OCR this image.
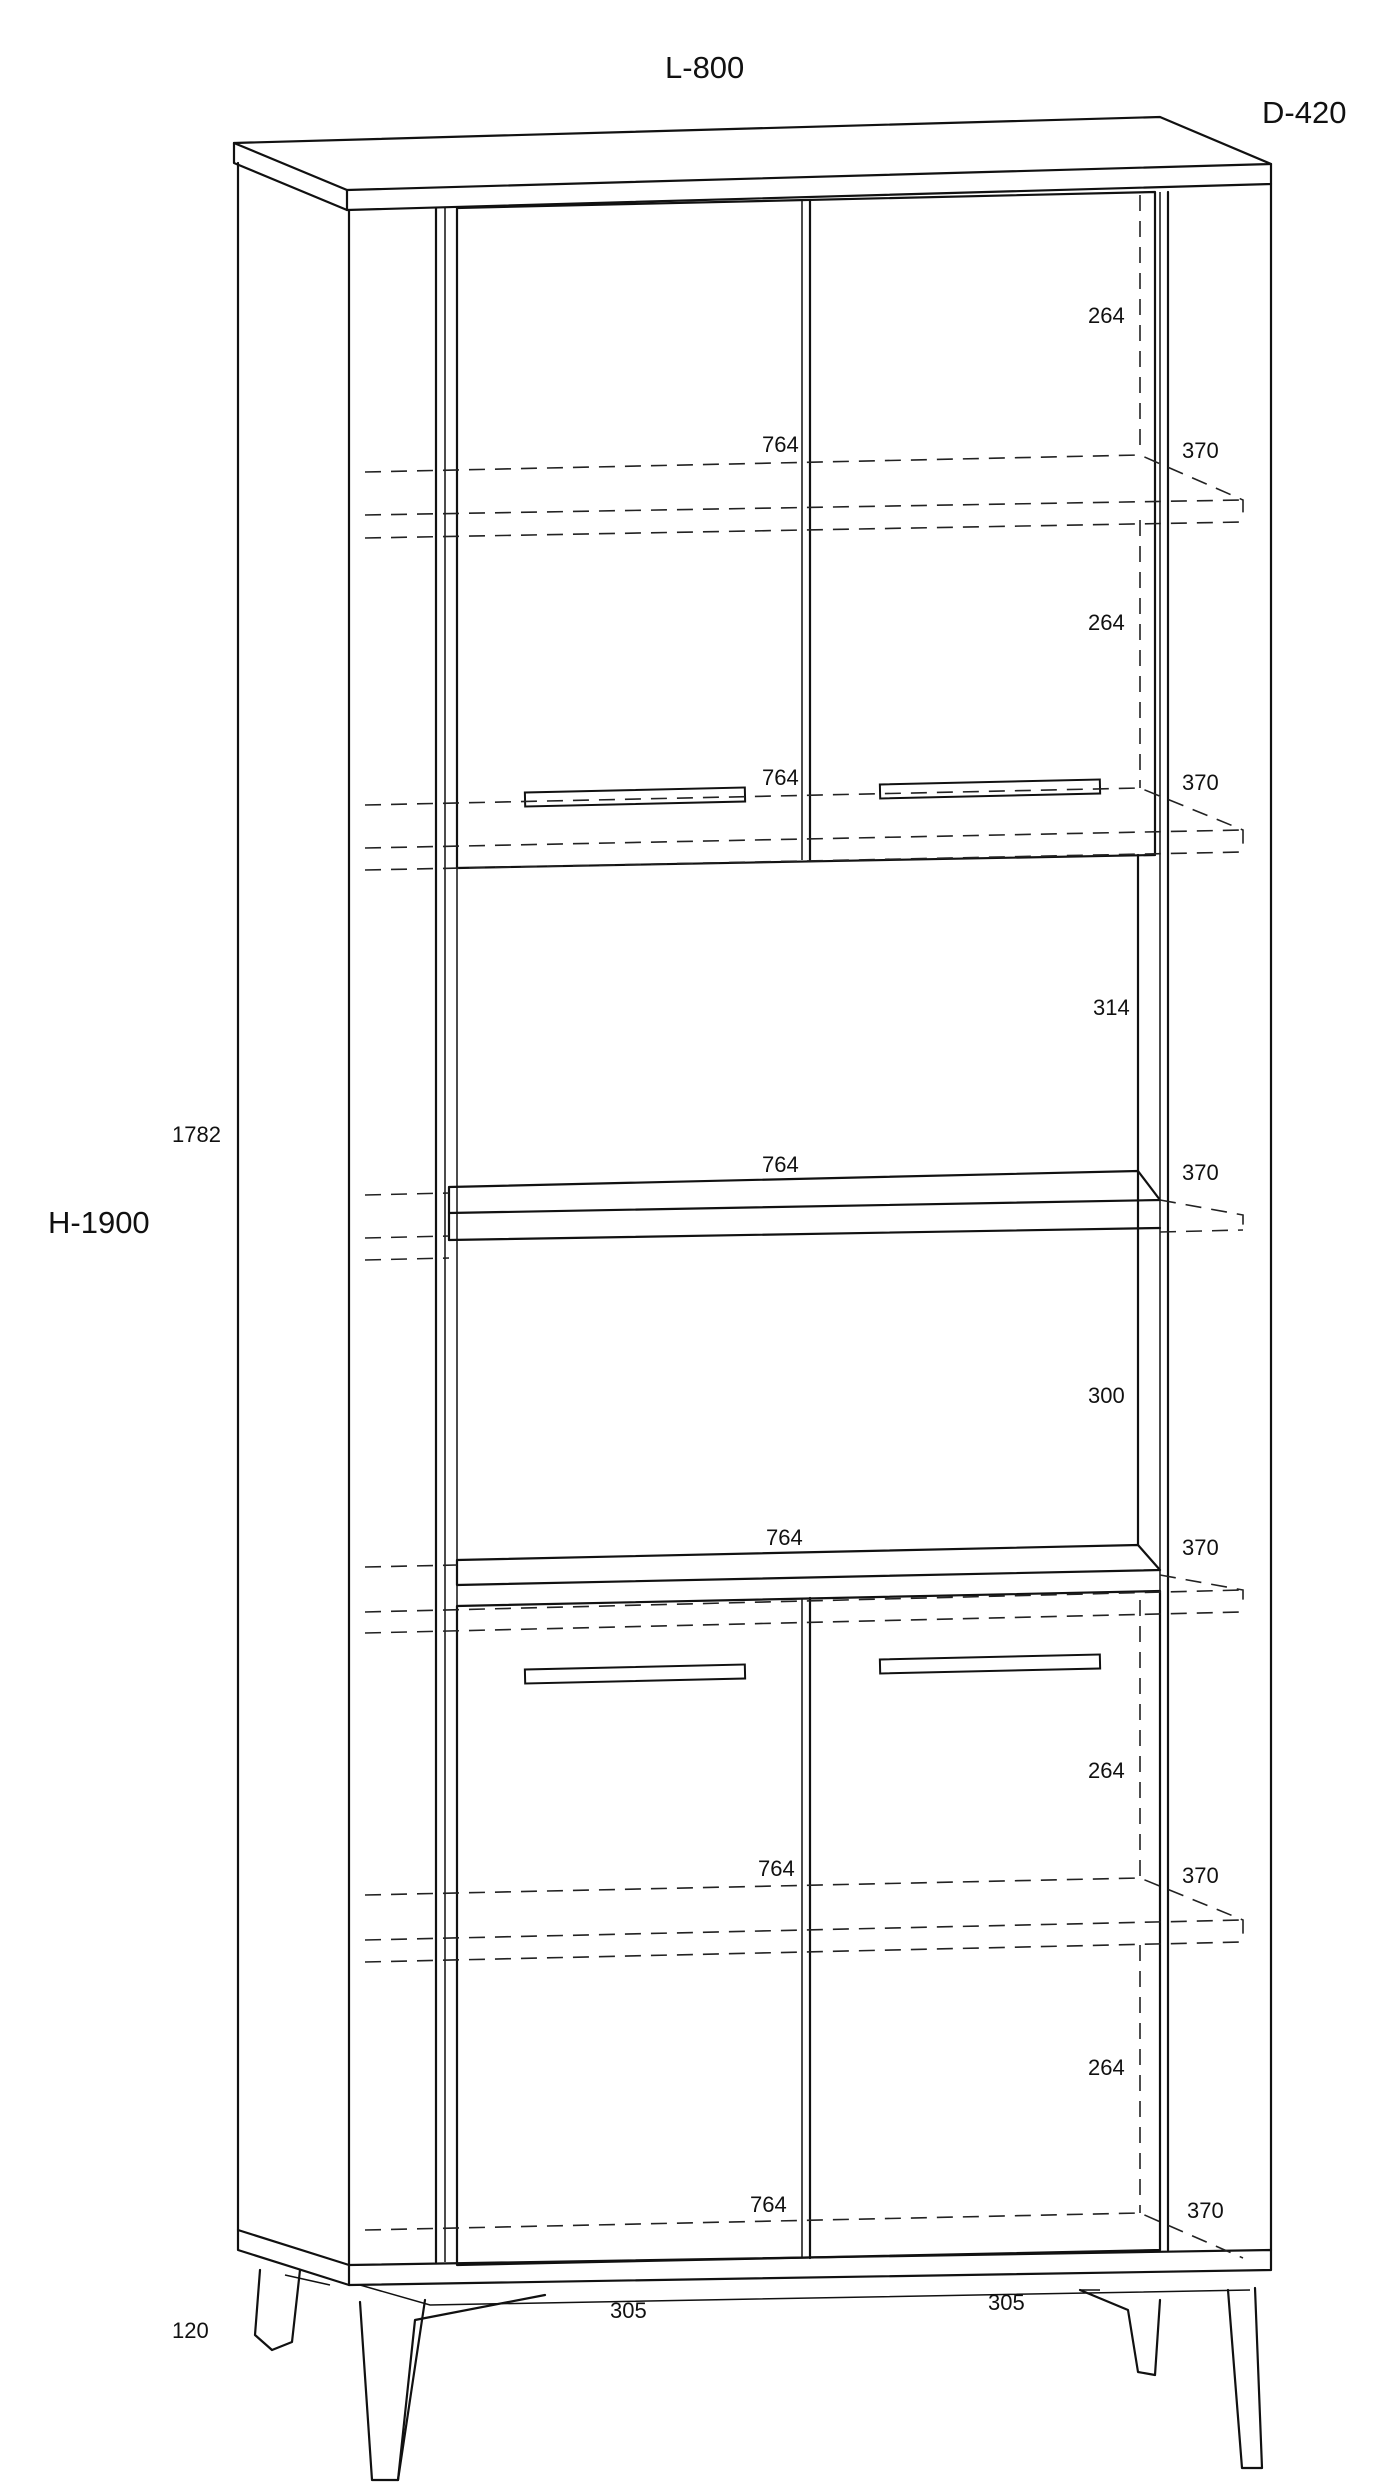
L-800
D-420
H-1900
1782
120
305	305
764	370
764	370
764	370
764	370
764	370
764	370
264
264
314
300
264
264
